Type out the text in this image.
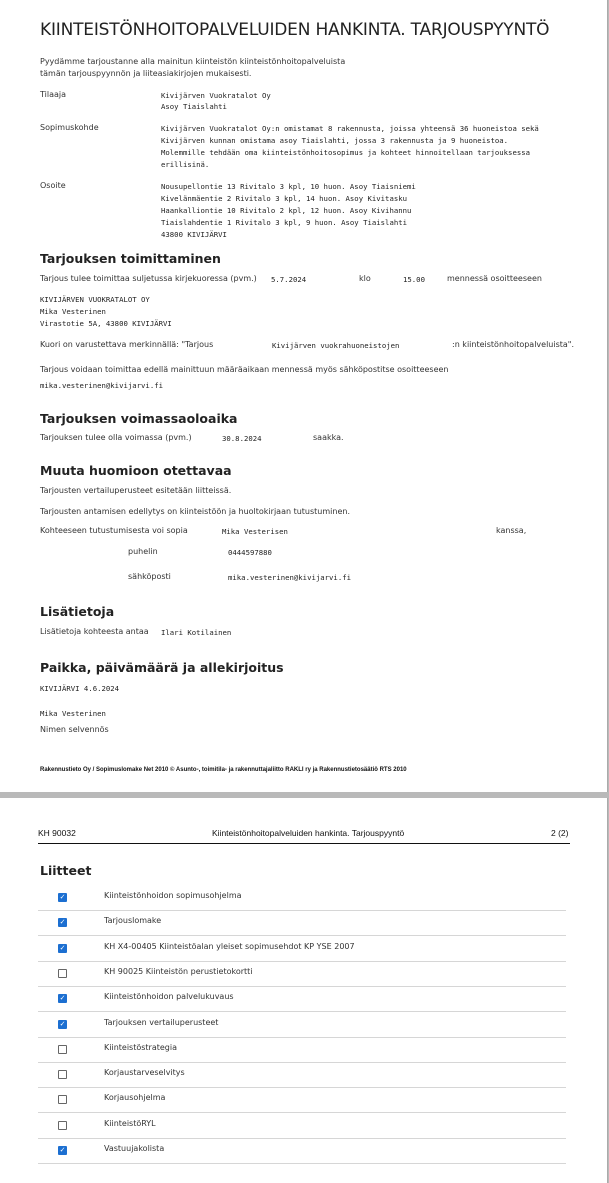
KIINTEISTÖNHOITOPALVELUIDEN HANKINTA. TARJOUSPYYNTÖ
Pyydämme tarjoustanne alla mainitun kiinteistön kiinteistönhoitopalveluista
tämän tarjouspyynnön ja liiteasiakirjojen mukaisesti.
Tilaaja	Kivijärven Vuokratalot Oy
Asoy Tiaislahti
Sopimuskohde	Kivijärven Vuokratalot Oy:n omistamat 8 rakennusta, joissa yhteensä 36 huoneistoa sekä
Kivijärven kunnan omistama asoy Tiaislahti, jossa 3 rakennusta ja 9 huoneistoa.
Molemmille tehdään oma kiinteistönhoitosopimus ja kohteet hinnoitellaan tarjouksessa
erillisinä.
Osoite	Nousupellontie 13 Rivitalo 3 kpl, 10 huon. Asoy Tiaisniemi
Kivelänmäentie 2 Rivitalo 3 kpl, 14 huon. Asoy Kivitasku
Haankalliontie 10 Rivitalo 2 kpl, 12 huon. Asoy Kivihannu
Tiaislahdentie 1 Rivitalo 3 kpl, 9 huon. Asoy Tiaislahti
43800 KIVIJÄRVI
Tarjouksen toimittaminen
Tarjous tulee toimittaa suljetussa kirjekuoressa (pvm.) 5.7.2024	klo	15.00	mennessä osoitteeseen
KIVIJÄRVEN VUOKRATALOT OY
Mika Vesterinen
Virastotie 5A, 43800 KIVIJÄRVI
Kuori on varustettava merkinnällä: "Tarjous	Kivijärven vuokrahuoneistojen	:n kiinteistönhoitopalveluista".
Tarjous voidaan toimittaa edellä mainittuun määräaikaan mennessä myös sähköpostitse osoitteeseen
mika.vesterinen@kivijarvi.fi
Tarjouksen voimassaoloaika
Tarjouksen tulee olla voimassa (pvm.)	30.8.2024	saakka.
Muuta huomioon otettavaa
Tarjousten vertailuperusteet esitetään liitteissä.
Tarjousten antamisen edellytys on kiinteistöön ja huoltokirjaan tutustuminen.
Kohteeseen tutustumisesta voi sopia	Mika Vesterisen	kanssa,
puhelin	0444597880
sähköposti	mika.vesterinen@kivijarvi.fi
Lisätietoja
Lisätietoja kohteesta antaa Ilari Kotilainen
Paikka, päivämäärä ja allekirjoitus
KIVIJÄRVI 4.6.2024
Mika Vesterinen
Nimen selvennös
Rakennustieto Oy / Sopimuslomake Net 2010 © Asunto-, toimitila- ja rakennuttajaliitto RAKLI ry ja Rakennustietosäätiö RTS 2010
KH 90032	Kiinteistönhoitopalveluiden hankinta. Tarjouspyyntö	2 (2)
Liitteet
✓	Kiinteistönhoidon sopimusohjelma
✓	Tarjouslomake
✓	KH X4-00405 Kiinteistöalan yleiset sopimusehdot KP YSE 2007
KH 90025 Kiinteistön perustietokortti
✓	Kiinteistönhoidon palvelukuvaus
✓	Tarjouksen vertailuperusteet
Kiinteistöstrategia
Korjaustarveselvitys
Korjausohjelma
KiinteistöRYL
✓	Vastuujakolista
